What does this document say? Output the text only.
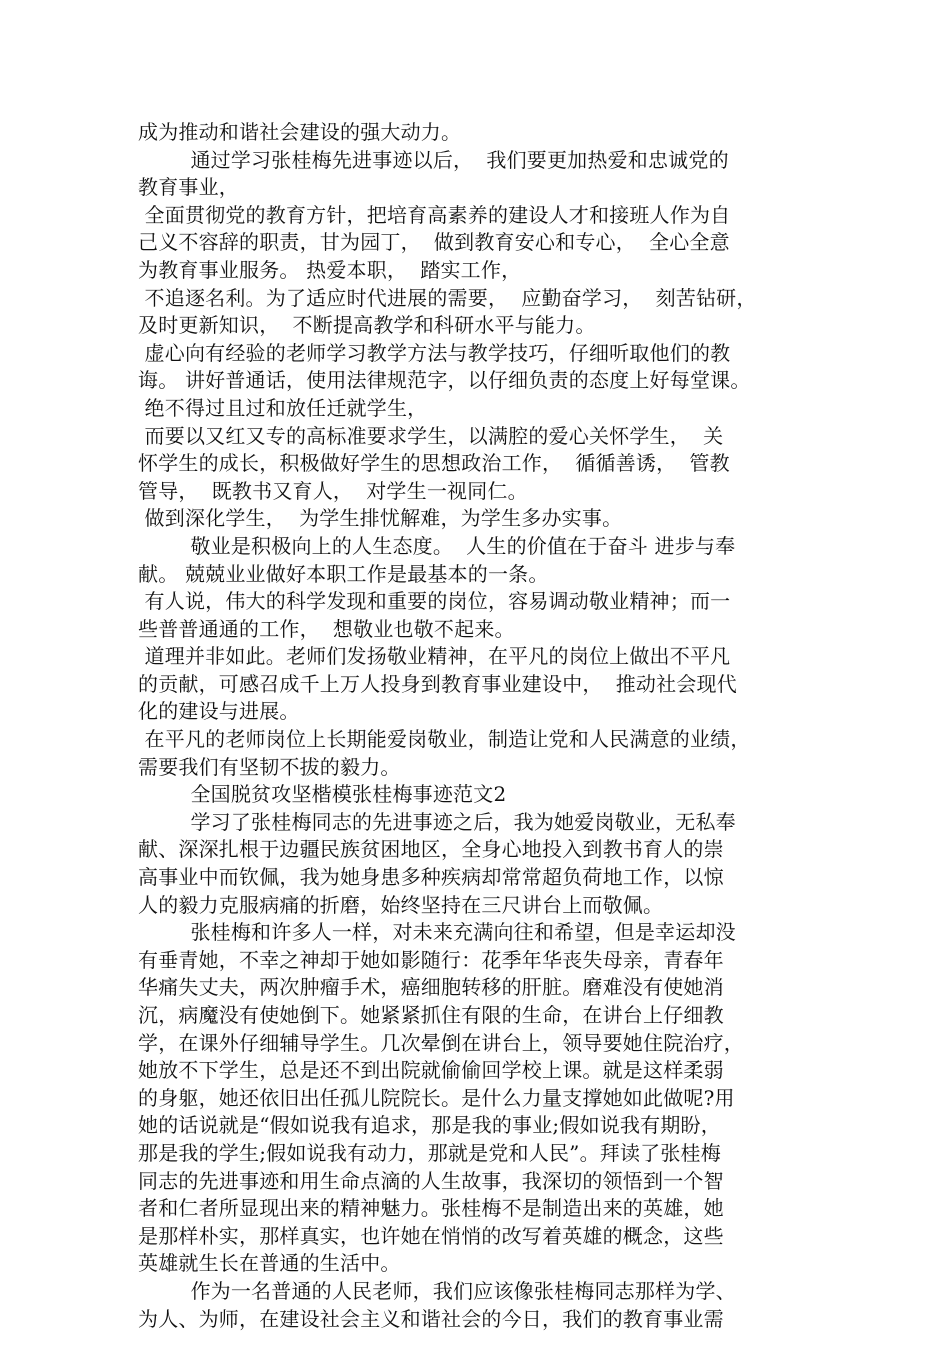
成为推动和谐社会建设的强大动力。
通过学习张桂梅先进事迹以后，  我们要更加热爱和忠诚党的
教育事业，
全面贯彻党的教育方针，把培育高素养的建设人才和接班人作为自
己义不容辞的职责，甘为园丁，  做到教育安心和专心，  全心全意
为教育事业服务。 热爱本职，  踏实工作，
不追逐名利。为了适应时代进展的需要，  应勤奋学习，  刻苦钻研，
及时更新知识，  不断提高教学和科研水平与能力。
虚心向有经验的老师学习教学方法与教学技巧，仔细听取他们的教
诲。 讲好普通话，使用法律规范字，以仔细负责的态度上好每堂课。
绝不得过且过和放任迁就学生，
而要以又红又专的高标准要求学生，以满腔的爱心关怀学生，  关
怀学生的成长，积极做好学生的思想政治工作，  循循善诱，  管教
管导，  既教书又育人，  对学生一视同仁。
做到深化学生，  为学生排忧解难，为学生多办实事。
敬业是积极向上的人生态度。  人生的价值在于奋斗 进步与奉
献。 兢兢业业做好本职工作是最基本的一条。
有人说，伟大的科学发现和重要的岗位，容易调动敬业精神；而一
些普普通通的工作，  想敬业也敬不起来。
道理并非如此。老师们发扬敬业精神，在平凡的岗位上做出不平凡
的贡献，可感召成千上万人投身到教育事业建设中，  推动社会现代
化的建设与进展。
在平凡的老师岗位上长期能爱岗敬业，制造让党和人民满意的业绩，
需要我们有坚韧不拔的毅力。
全国脱贫攻坚楷模张桂梅事迹范文2
学习了张桂梅同志的先进事迹之后，我为她爱岗敬业，无私奉
献、深深扎根于边疆民族贫困地区，全身心地投入到教书育人的崇
高事业中而钦佩，我为她身患多种疾病却常常超负荷地工作，以惊
人的毅力克服病痛的折磨，始终坚持在三尺讲台上而敬佩。
张桂梅和许多人一样，对未来充满向往和希望，但是幸运却没
有垂青她，不幸之神却于她如影随行：花季年华丧失母亲，青春年
华痛失丈夫，两次肿瘤手术，癌细胞转移的肝脏。磨难没有使她消
沉，病魔没有使她倒下。她紧紧抓住有限的生命，在讲台上仔细教
学，在课外仔细辅导学生。几次晕倒在讲台上，领导要她住院治疗，
她放不下学生，总是还不到出院就偷偷回学校上课。就是这样柔弱
的身躯，她还依旧出任孤儿院院长。是什么力量支撑她如此做呢?用
她的话说就是“假如说我有追求，那是我的事业;假如说我有期盼，
那是我的学生;假如说我有动力，那就是党和人民”。拜读了张桂梅
同志的先进事迹和用生命点滴的人生故事，我深切的领悟到一个智
者和仁者所显现出来的精神魅力。张桂梅不是制造出来的英雄，她
是那样朴实，那样真实，也许她在悄悄的改写着英雄的概念，这些
英雄就生长在普通的生活中。
作为一名普通的人民老师，我们应该像张桂梅同志那样为学、
为人、为师，在建设社会主义和谐社会的今日，我们的教育事业需
